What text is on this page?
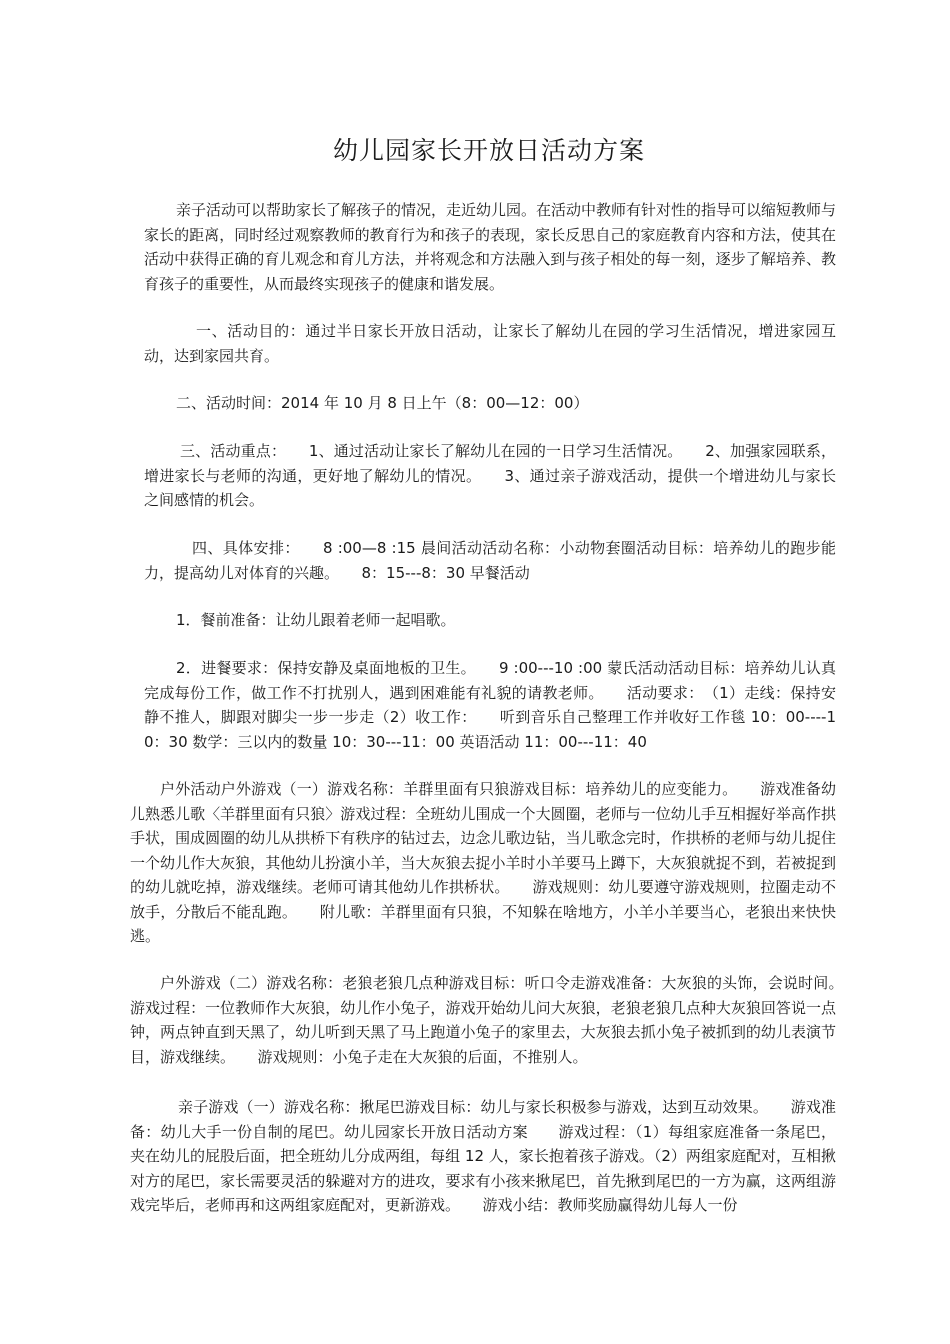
幼儿园家长开放日活动方案

亲子活动可以帮助家长了解孩子的情况，走近幼儿园。在活动中教师有针对性的指导可以缩短教师与家长的距离，同时经过观察教师的教育行为和孩子的表现，家长反思自己的家庭教育内容和方法，使其在活动中获得正确的育儿观念和育儿方法，并将观念和方法融入到与孩子相处的每一刻，逐步了解培养、教育孩子的重要性，从而最终实现孩子的健康和谐发展。

一、活动目的：通过半日家长开放日活动，让家长了解幼儿在园的学习生活情况，增进家园互动，达到家园共育。

二、活动时间：2014 年 10 月 8 日上午（8：00—12：00）

三、活动重点：　　1、通过活动让家长了解幼儿在园的一日学习生活情况。　　2、加强家园联系，增进家长与老师的沟通，更好地了解幼儿的情况。　　3、通过亲子游戏活动，提供一个增进幼儿与家长之间感情的机会。

四、具体安排：　　8 :00—8 :15 晨间活动活动名称：小动物套圈活动目标：培养幼儿的跑步能力，提高幼儿对体育的兴趣。　　8：15---8：30 早餐活动

1．餐前准备：让幼儿跟着老师一起唱歌。

2．进餐要求：保持安静及桌面地板的卫生。　　9 :00---10 :00 蒙氏活动活动目标：培养幼儿认真完成每份工作，做工作不打扰别人，遇到困难能有礼貌的请教老师。　　活动要求：　（1）走线：保持安静不推人，脚跟对脚尖一步一步走（2）收工作：　　听到音乐自己整理工作并收好工作毯 10：00----10：30 数学：三以内的数量 10：30---11：00 英语活动 11：00---11：40

户外活动户外游戏（一）游戏名称：羊群里面有只狼游戏目标：培养幼儿的应变能力。　　游戏准备幼儿熟悉儿歌〈羊群里面有只狼〉游戏过程：全班幼儿围成一个大圆圈，老师与一位幼儿手互相握好举高作拱手状，围成圆圈的幼儿从拱桥下有秩序的钻过去，边念儿歌边钻，当儿歌念完时，作拱桥的老师与幼儿捉住一个幼儿作大灰狼，其他幼儿扮演小羊，当大灰狼去捉小羊时小羊要马上蹲下，大灰狼就捉不到，若被捉到的幼儿就吃掉，游戏继续。老师可请其他幼儿作拱桥状。　　游戏规则：幼儿要遵守游戏规则，拉圈走动不放手，分散后不能乱跑。　　附儿歌：羊群里面有只狼，不知躲在啥地方，小羊小羊要当心，老狼出来快快逃。

户外游戏（二）游戏名称：老狼老狼几点种游戏目标：听口令走游戏准备：大灰狼的头饰，会说时间。　游戏过程：一位教师作大灰狼，幼儿作小兔子，游戏开始幼儿问大灰狼，老狼老狼几点种大灰狼回答说一点钟，两点钟直到天黑了，幼儿听到天黑了马上跑道小兔子的家里去，大灰狼去抓小兔子被抓到的幼儿表演节目，游戏继续。　　游戏规则：小兔子走在大灰狼的后面，不推别人。

亲子游戏（一）游戏名称：揪尾巴游戏目标：幼儿与家长积极参与游戏，达到互动效果。　　游戏准备：幼儿大手一份自制的尾巴。幼儿园家长开放日活动方案　　游戏过程：（1）每组家庭准备一条尾巴，夹在幼儿的屁股后面，把全班幼儿分成两组，每组 12 人，家长抱着孩子游戏。（2）两组家庭配对，互相揪对方的尾巴，家长需要灵活的躲避对方的进攻，要求有小孩来揪尾巴，首先揪到尾巴的一方为赢，这两组游戏完毕后，老师再和这两组家庭配对，更新游戏。　　游戏小结：教师奖励赢得幼儿每人一份
